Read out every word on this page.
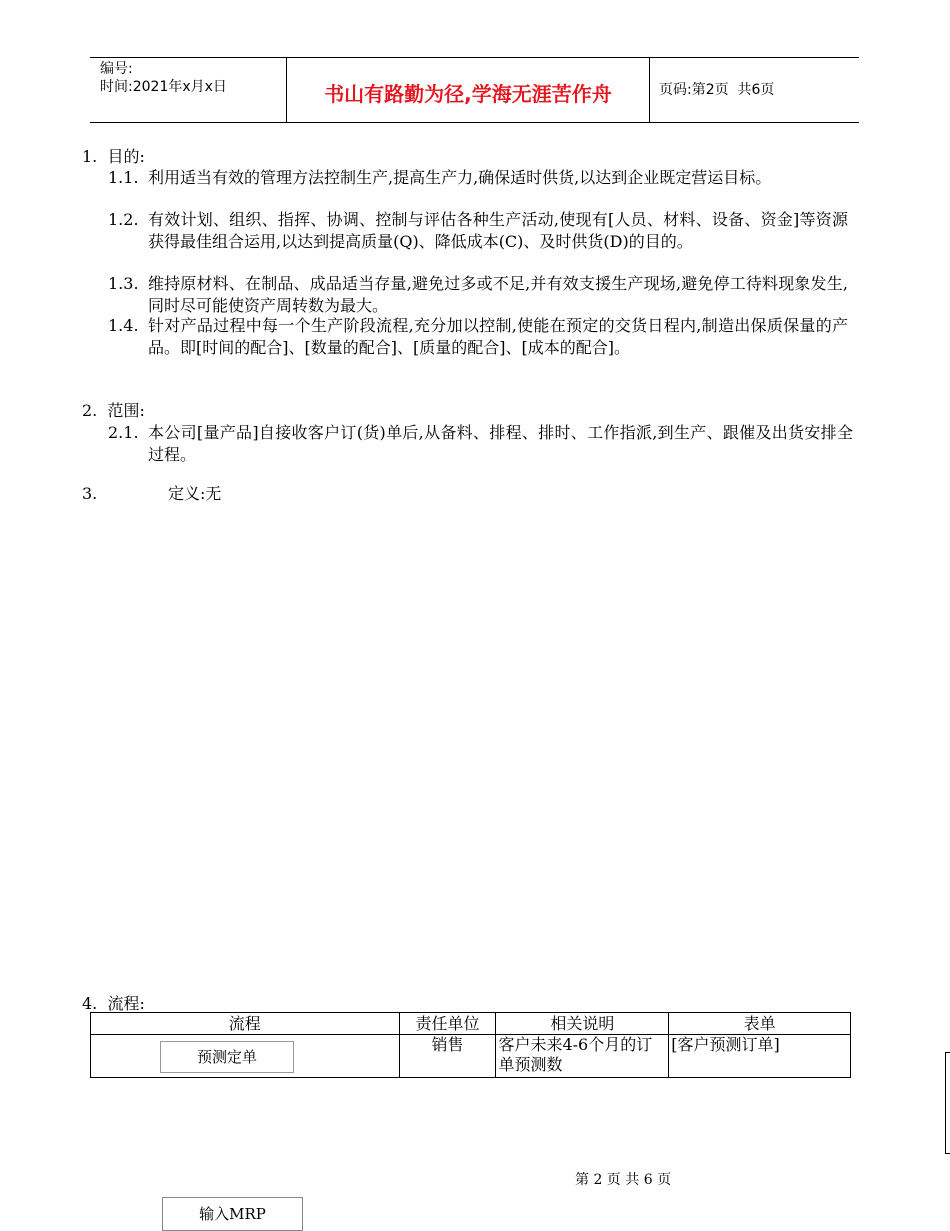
编号:
时间:2021年x月x日	书山有路勤为径,学海无涯苦作舟	页码:第2页  共6页
1.  目的:
1.1. 利用适当有效的管理方法控制生产,提高生产力,确保适时供货,以达到企业既定营运目标。
1.2. 有效计划、组织、指挥、协调、控制与评估各种生产活动,使现有[人员、材料、设备、资金]等资源获得最佳组合运用,以达到提高质量(Q)、降低成本(C)、及时供货(D)的目的。
1.3. 维持原材料、在制品、成品适当存量,避免过多或不足,并有效支援生产现场,避免停工待料现象发生,同时尽可能使资产周转数为最大。
1.4. 针对产品过程中每一个生产阶段流程,充分加以控制,使能在预定的交货日程内,制造出保质保量的产品。即[时间的配合]、[数量的配合]、[质量的配合]、[成本的配合]。
2.  范围:
2.1. 本公司[量产品]自接收客户订(货)单后,从备料、排程、排时、工作指派,到生产、跟催及出货安排全过程。
3.	定义:无
4.  流程:
流程	责任单位	相关说明	表单

预测定单	销售	客户未来4-6个月的订单预测数	[客户预测订单]
第 2 页 共 6 页
输入MRP
